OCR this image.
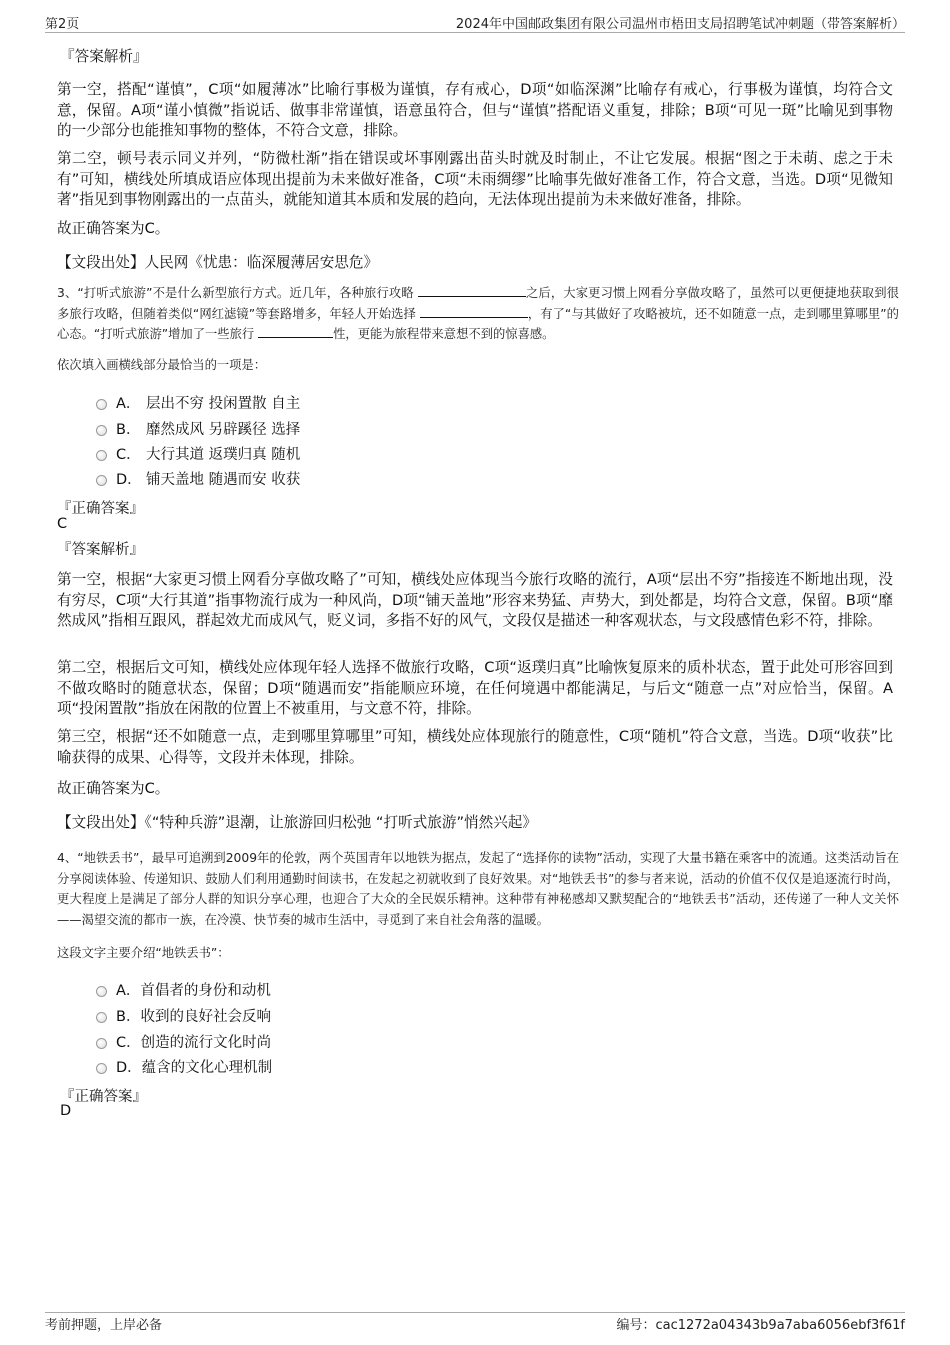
第2页	2024年中国邮政集团有限公司温州市梧田支局招聘笔试冲刺题（带答案解析）
『答案解析』
第一空，搭配“谨慎”，C项“如履薄冰”比喻行事极为谨慎，存有戒心，D项“如临深渊”比喻存有戒心，行事极为谨慎，均符合文意，保留。A项“谨小慎微”指说话、做事非常谨慎，语意虽符合，但与“谨慎”搭配语义重复，排除；B项“可见一斑”比喻见到事物的一少部分也能推知事物的整体，不符合文意，排除。
第二空，顿号表示同义并列，“防微杜渐”指在错误或坏事刚露出苗头时就及时制止，不让它发展。根据“图之于未萌、虑之于未有”可知，横线处所填成语应体现出提前为未来做好准备，C项“未雨绸缪”比喻事先做好准备工作，符合文意，当选。D项“见微知著”指见到事物刚露出的一点苗头，就能知道其本质和发展的趋向，无法体现出提前为未来做好准备，排除。
故正确答案为C。
【文段出处】人民网《忧患：临深履薄居安思危》
3、“打听式旅游”不是什么新型旅行方式。近几年，各种旅行攻略	之后，大家更习惯上网看分享做攻略了，虽然可以更便捷地获取到很多旅行攻略，但随着类似“网红滤镜”等套路增多，年轻人开始选择	，有了“与其做好了攻略被坑，还不如随意一点，走到哪里算哪里”的心态。“打听式旅游”增加了一些旅行	性，更能为旅程带来意想不到的惊喜感。
依次填入画横线部分最恰当的一项是：
A． 层出不穷 投闲置散 自主
B． 靡然成风 另辟蹊径 选择
C． 大行其道 返璞归真 随机
D． 铺天盖地 随遇而安 收获
『正确答案』
C
『答案解析』
第一空，根据“大家更习惯上网看分享做攻略了”可知，横线处应体现当今旅行攻略的流行，A项“层出不穷”指接连不断地出现，没有穷尽，C项“大行其道”指事物流行成为一种风尚，D项“铺天盖地”形容来势猛、声势大，到处都是，均符合文意，保留。B项“靡然成风”指相互跟风，群起效尤而成风气，贬义词，多指不好的风气，文段仅是描述一种客观状态，与文段感情色彩不符，排除。
第二空，根据后文可知，横线处应体现年轻人选择不做旅行攻略，C项“返璞归真”比喻恢复原来的质朴状态，置于此处可形容回到不做攻略时的随意状态，保留；D项“随遇而安”指能顺应环境，在任何境遇中都能满足，与后文“随意一点”对应恰当，保留。A项“投闲置散”指放在闲散的位置上不被重用，与文意不符，排除。
第三空，根据“还不如随意一点，走到哪里算哪里”可知，横线处应体现旅行的随意性，C项“随机”符合文意，当选。D项“收获”比喻获得的成果、心得等，文段并未体现，排除。
故正确答案为C。
【文段出处】《“特种兵游”退潮，让旅游回归松弛 “打听式旅游”悄然兴起》
4、“地铁丢书”，最早可追溯到2009年的伦敦，两个英国青年以地铁为据点，发起了“选择你的读物”活动，实现了大量书籍在乘客中的流通。这类活动旨在分享阅读体验、传递知识、鼓励人们利用通勤时间读书，在发起之初就收到了良好效果。对“地铁丢书”的参与者来说，活动的价值不仅仅是追逐流行时尚，更大程度上是满足了部分人群的知识分享心理，也迎合了大众的全民娱乐精神。这种带有神秘感却又默契配合的“地铁丢书”活动，还传递了一种人文关怀——渴望交流的都市一族，在冷漠、快节奏的城市生活中，寻觅到了来自社会角落的温暖。
这段文字主要介绍“地铁丢书”：
A． 首倡者的身份和动机
B． 收到的良好社会反响
C． 创造的流行文化时尚
D． 蕴含的文化心理机制
『正确答案』
D
考前押题，上岸必备	编号：cac1272a04343b9a7aba6056ebf3f61f
